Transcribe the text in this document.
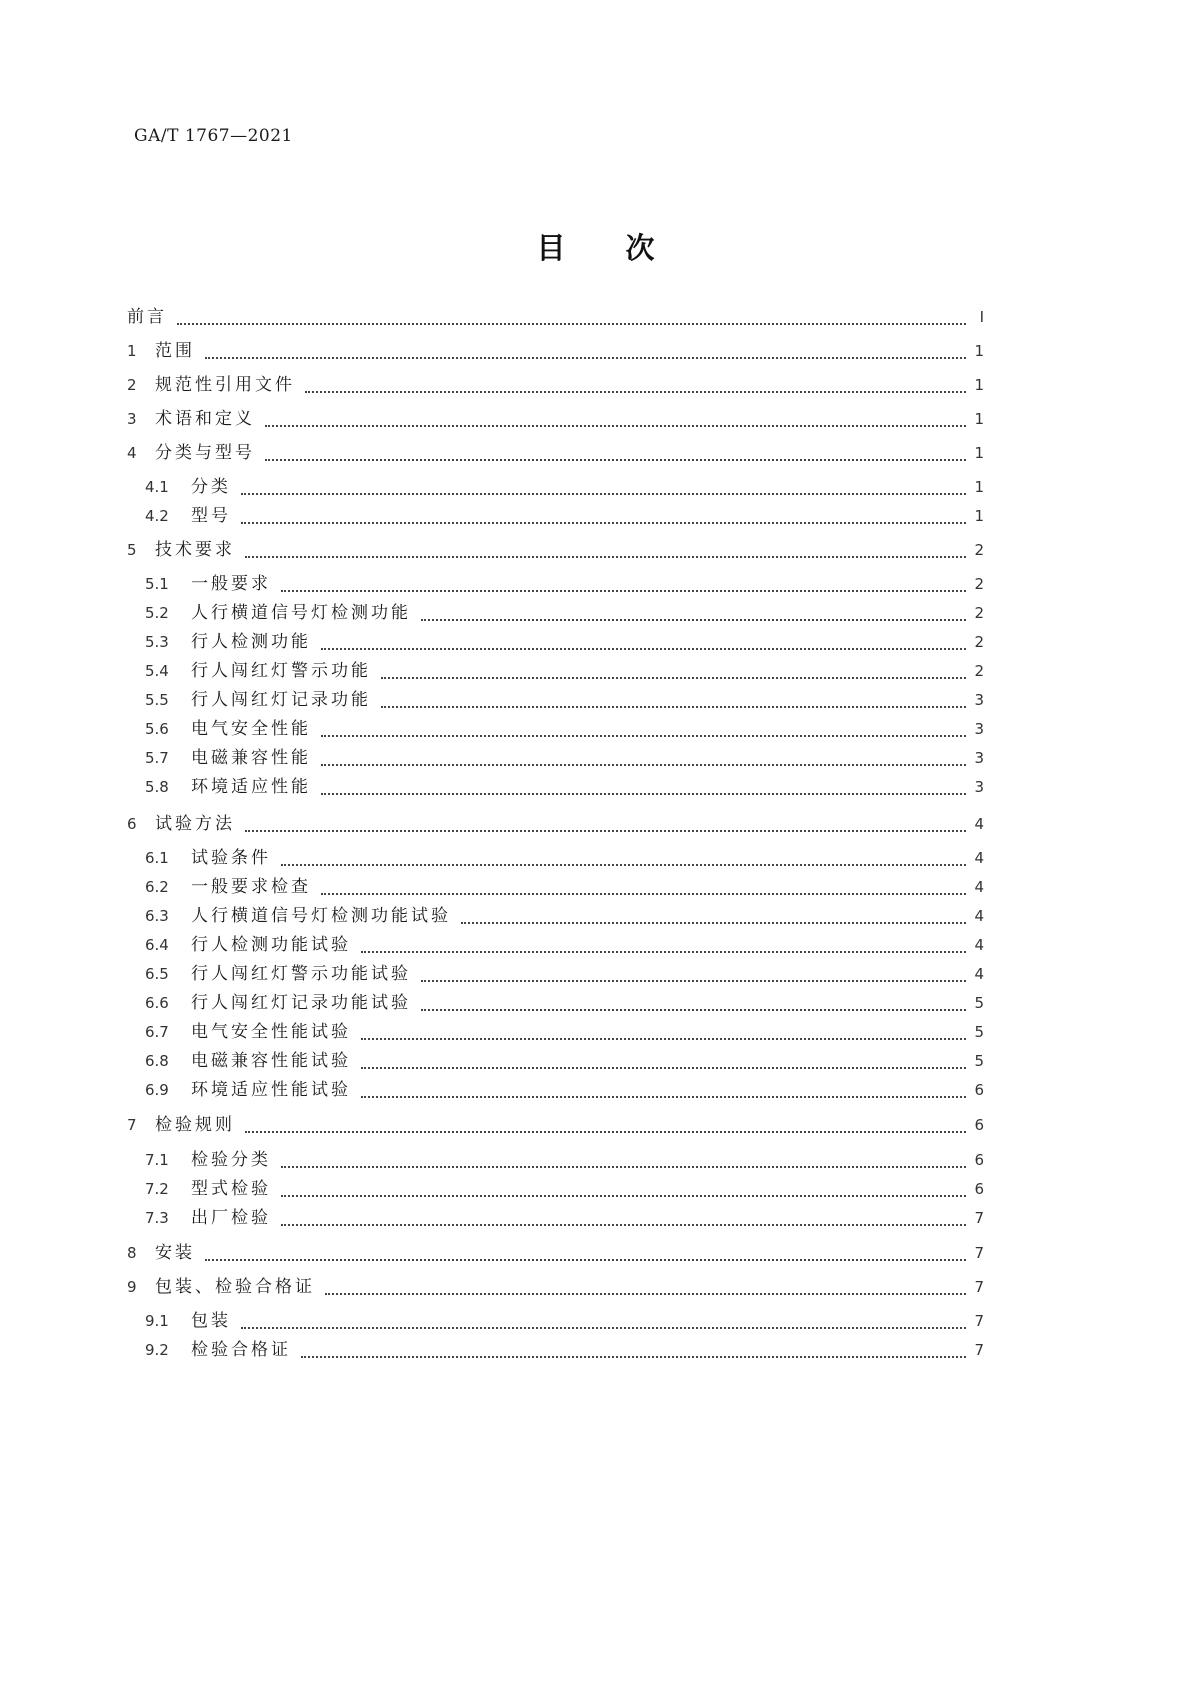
GA/T 1767—2021
目 次
前言	Ⅰ
1	范围	1
2	规范性引用文件	1
3	术语和定义	1
4	分类与型号	1
4.1	分类	1
4.2	型号	1
5	技术要求	2
5.1	一般要求	2
5.2	人行横道信号灯检测功能	2
5.3	行人检测功能	2
5.4	行人闯红灯警示功能	2
5.5	行人闯红灯记录功能	3
5.6	电气安全性能	3
5.7	电磁兼容性能	3
5.8	环境适应性能	3
6	试验方法	4
6.1	试验条件	4
6.2	一般要求检查	4
6.3	人行横道信号灯检测功能试验	4
6.4	行人检测功能试验	4
6.5	行人闯红灯警示功能试验	4
6.6	行人闯红灯记录功能试验	5
6.7	电气安全性能试验	5
6.8	电磁兼容性能试验	5
6.9	环境适应性能试验	6
7	检验规则	6
7.1	检验分类	6
7.2	型式检验	6
7.3	出厂检验	7
8	安装	7
9	包装、检验合格证	7
9.1	包装	7
9.2	检验合格证	7
